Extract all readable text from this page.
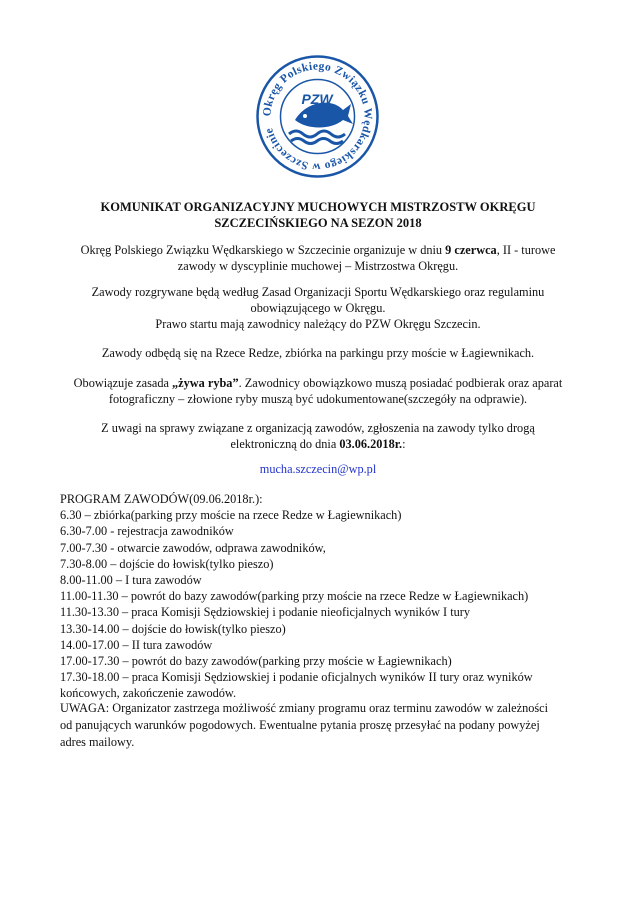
Okręg Polskiego Związku Wędkarskiego w Szczecinie
PZW
KOMUNIKAT ORGANIZACYJNY MUCHOWYCH MISTRZOSTW OKRĘGU
SZCZECIŃSKIEGO NA SEZON 2018
Okręg Polskiego Związku Wędkarskiego w Szczecinie organizuje w dniu 9 czerwca, II - turowe
zawody w dyscyplinie muchowej – Mistrzostwa Okręgu.
Zawody rozgrywane będą według Zasad Organizacji Sportu Wędkarskiego oraz regulaminu
obowiązującego w Okręgu.
Prawo startu mają zawodnicy należący do PZW Okręgu Szczecin.
Zawody odbędą się na Rzece Redze, zbiórka na parkingu przy moście w Łagiewnikach.
Obowiązuje zasada „żywa ryba”. Zawodnicy obowiązkowo muszą posiadać podbierak oraz aparat
fotograficzny – złowione ryby muszą być udokumentowane(szczegóły na odprawie).
Z uwagi na sprawy związane z organizacją zawodów, zgłoszenia na zawody tylko drogą
elektroniczną do dnia 03.06.2018r.:
mucha.szczecin@wp.pl
PROGRAM ZAWODÓW(09.06.2018r.):
6.30 – zbiórka(parking przy moście na rzece Redze w Łagiewnikach)
6.30-7.00 - rejestracja zawodników
7.00-7.30 - otwarcie zawodów, odprawa zawodników,
7.30-8.00 – dojście do łowisk(tylko pieszo)
8.00-11.00 – I tura zawodów
11.00-11.30 – powrót do bazy zawodów(parking przy moście na rzece Redze w Łagiewnikach)
11.30-13.30 – praca Komisji Sędziowskiej i podanie nieoficjalnych wyników I tury
13.30-14.00 – dojście do łowisk(tylko pieszo)
14.00-17.00 – II tura zawodów
17.00-17.30 – powrót do bazy zawodów(parking przy moście w Łagiewnikach)
17.30-18.00 – praca Komisji Sędziowskiej i podanie oficjalnych wyników II tury oraz wyników
końcowych, zakończenie zawodów.
UWAGA: Organizator zastrzega możliwość zmiany programu oraz terminu zawodów w zależności
od panujących warunków pogodowych. Ewentualne pytania proszę przesyłać na podany powyżej
adres mailowy.
